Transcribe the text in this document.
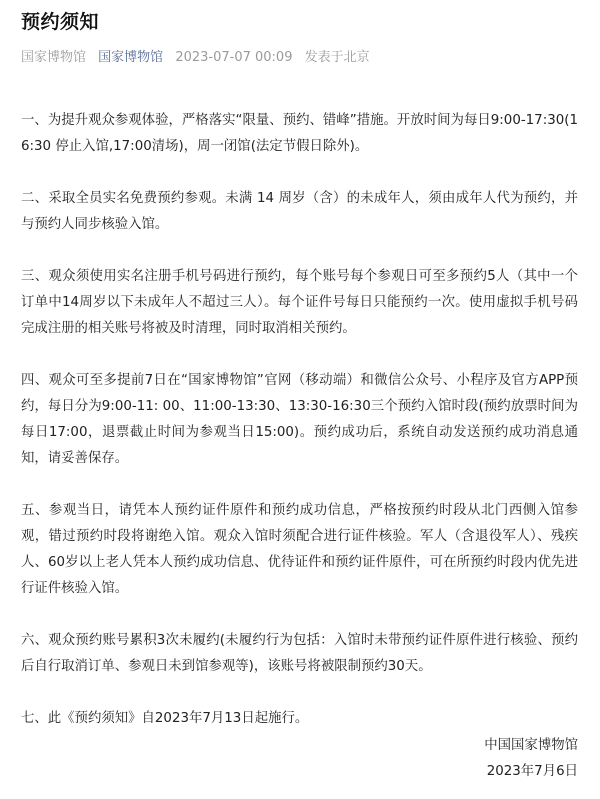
预约须知
国家博物馆 国家博物馆 2023-07-07 00:09 发表于北京

一、为提升观众参观体验，严格落实“限量、预约、错峰”措施。开放时间为每日9:00-17:30(16:30 停止入馆,17:00清场)，周一闭馆(法定节假日除外)。

二、采取全员实名免费预约参观。未满 14 周岁（含）的未成年人，须由成年人代为预约，并与预约人同步核验入馆。

三、观众须使用实名注册手机号码进行预约，每个账号每个参观日可至多预约5人（其中一个订单中14周岁以下未成年人不超过三人）。每个证件号每日只能预约一次。使用虚拟手机号码完成注册的相关账号将被及时清理，同时取消相关预约。

四、观众可至多提前7日在“国家博物馆”官网（移动端）和微信公众号、小程序及官方APP预约，每日分为9:00-11: 00、11:00-13:30、13:30-16:30三个预约入馆时段(预约放票时间为每日17:00，退票截止时间为参观当日15:00)。预约成功后，系统自动发送预约成功消息通知，请妥善保存。

五、参观当日，请凭本人预约证件原件和预约成功信息，严格按预约时段从北门西侧入馆参观，错过预约时段将谢绝入馆。观众入馆时须配合进行证件核验。军人（含退役军人）、残疾人、60岁以上老人凭本人预约成功信息、优待证件和预约证件原件，可在所预约时段内优先进行证件核验入馆。

六、观众预约账号累积3次未履约(未履约行为包括：入馆时未带预约证件原件进行核验、预约后自行取消订单、参观日未到馆参观等)，该账号将被限制预约30天。

七、此《预约须知》自2023年7月13日起施行。

中国国家博物馆
2023年7月6日
